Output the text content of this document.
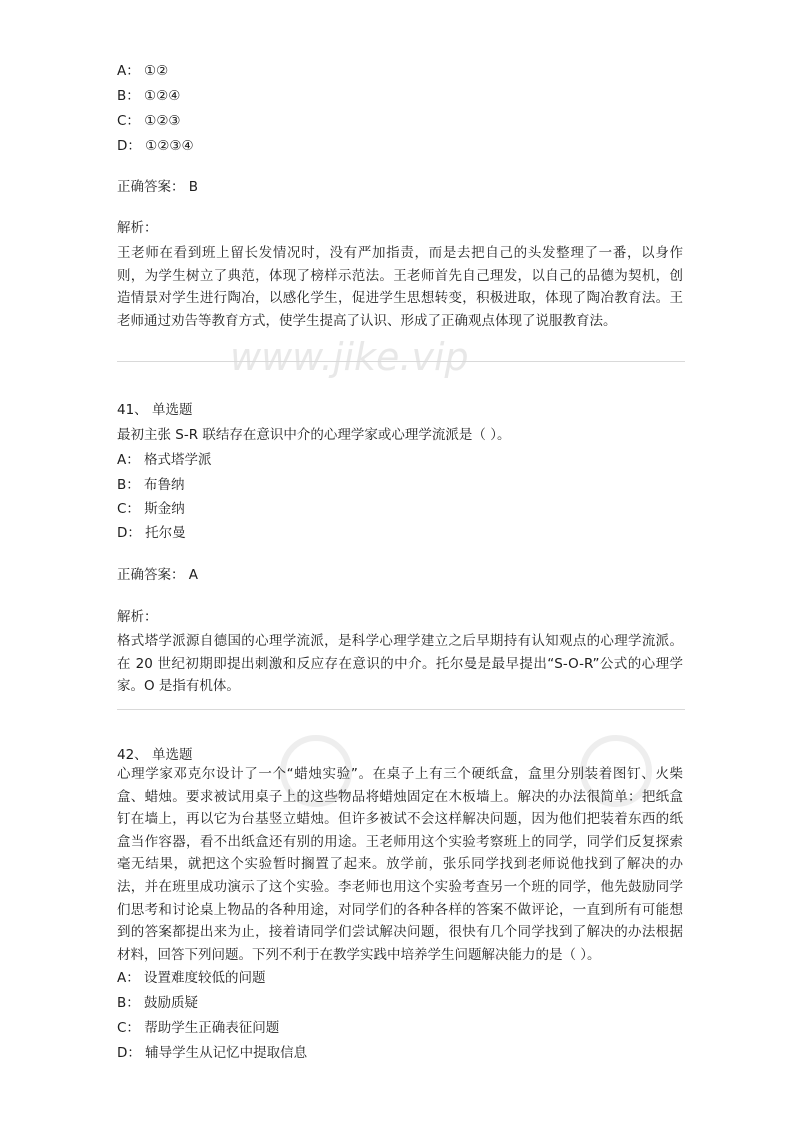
www.jike.vip
A： ①②
B： ①②④
C： ①②③
D： ①②③④
正确答案： B
解析：
王老师在看到班上留长发情况时，没有严加指责，而是去把自己的头发整理了一番，以身作则，为学生树立了典范，体现了榜样示范法。王老师首先自己理发，以自己的品德为契机，创造情景对学生进行陶冶，以感化学生，促进学生思想转变，积极进取，体现了陶冶教育法。王老师通过劝告等教育方式，使学生提高了认识、形成了正确观点体现了说服教育法。
41、 单选题
最初主张 S-R 联结存在意识中介的心理学家或心理学流派是（ ）。
A： 格式塔学派
B： 布鲁纳
C： 斯金纳
D： 托尔曼
正确答案： A
解析：
格式塔学派源自德国的心理学流派，是科学心理学建立之后早期持有认知观点的心理学流派。在 20 世纪初期即提出刺激和反应存在意识的中介。托尔曼是最早提出“S-O-R”公式的心理学家。O 是指有机体。
42、 单选题
心理学家邓克尔设计了一个“蜡烛实验”。在桌子上有三个硬纸盒，盒里分别装着图钉、火柴盒、蜡烛。要求被试用桌子上的这些物品将蜡烛固定在木板墙上。解决的办法很简单：把纸盒钉在墙上，再以它为台基竖立蜡烛。但许多被试不会这样解决问题，因为他们把装着东西的纸盒当作容器，看不出纸盒还有别的用途。王老师用这个实验考察班上的同学，同学们反复探索毫无结果，就把这个实验暂时搁置了起来。放学前，张乐同学找到老师说他找到了解决的办法，并在班里成功演示了这个实验。李老师也用这个实验考查另一个班的同学，他先鼓励同学们思考和讨论桌上物品的各种用途，对同学们的各种各样的答案不做评论，一直到所有可能想到的答案都提出来为止，接着请同学们尝试解决问题，很快有几个同学找到了解决的办法根据材料，回答下列问题。下列不利于在教学实践中培养学生问题解决能力的是（ ）。
A： 设置难度较低的问题
B： 鼓励质疑
C： 帮助学生正确表征问题
D： 辅导学生从记忆中提取信息
